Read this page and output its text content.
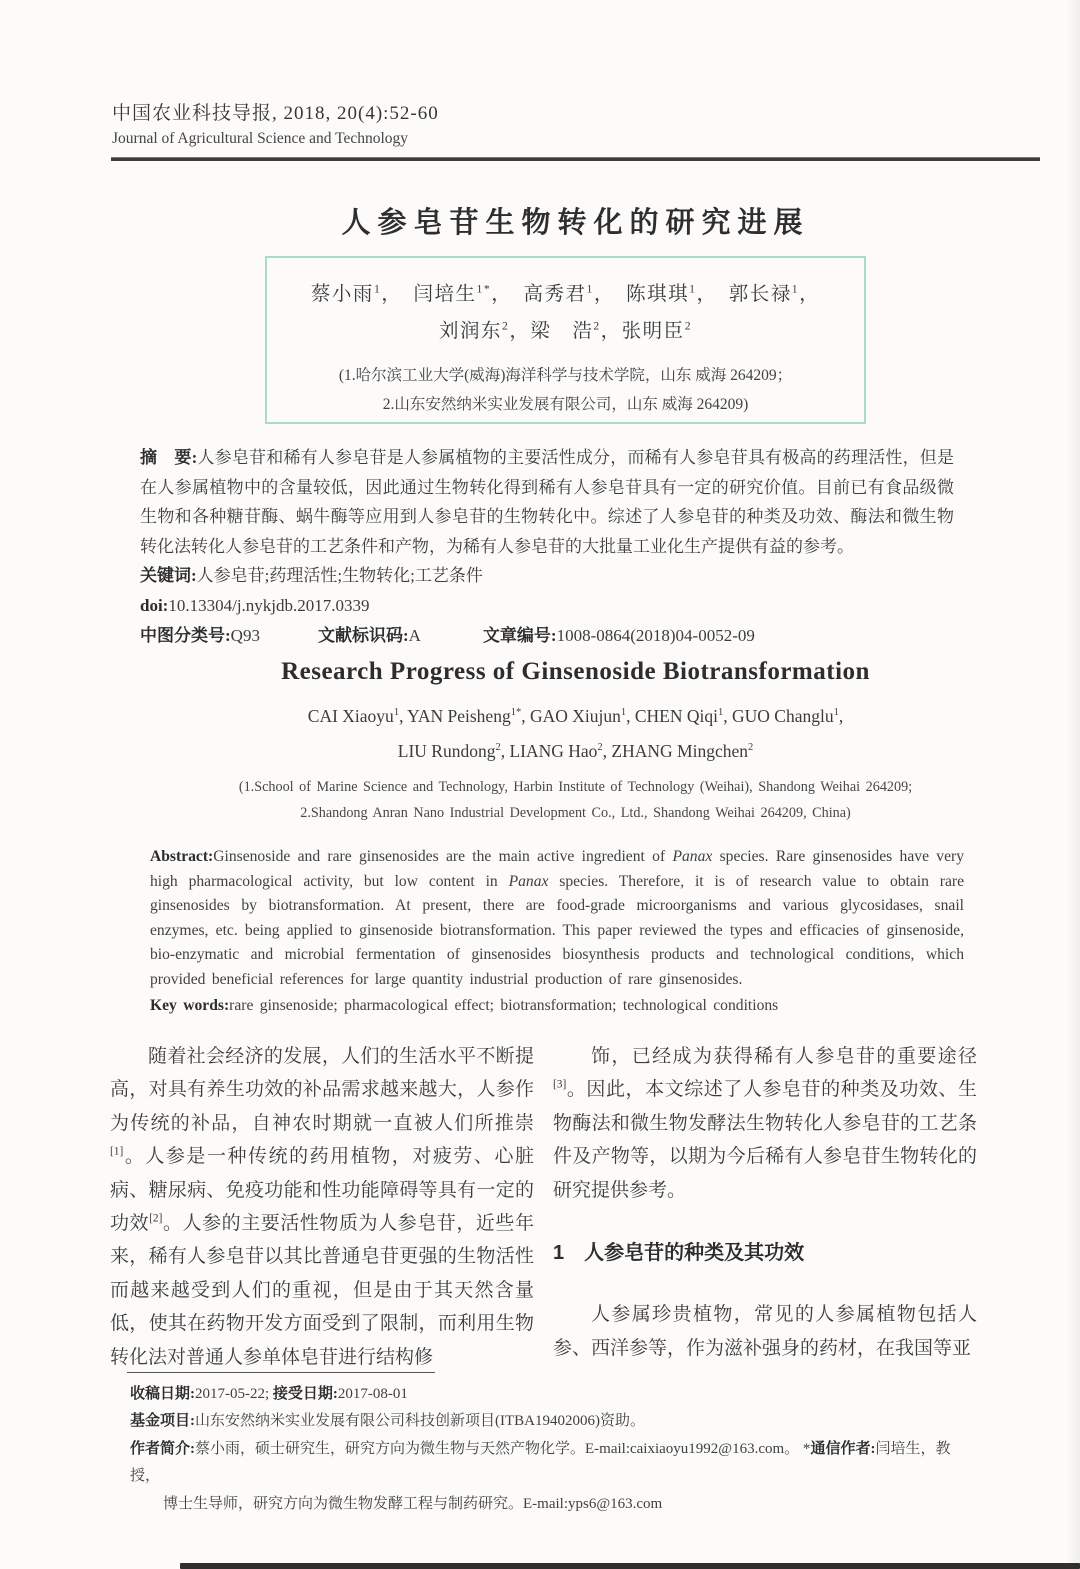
中国农业科技导报, 2018, 20(4):52-60
Journal of Agricultural Science and Technology
人参皂苷生物转化的研究进展
蔡小雨$^1$，　闫培生$^{1*}$，　高秀君$^1$，　陈琪琪$^1$，　郭长禄$^1$，
刘润东$^2$，梁　浩$^2$，张明臣$^2$
(1.哈尔滨工业大学(威海)海洋科学与技术学院，山东 威海 264209；
2.山东安然纳米实业发展有限公司，山东 威海 264209)
摘　要:人参皂苷和稀有人参皂苷是人参属植物的主要活性成分，而稀有人参皂苷具有极高的药理活性，但是在人参属植物中的含量较低，因此通过生物转化得到稀有人参皂苷具有一定的研究价值。目前已有食品级微生物和各种糖苷酶、蜗牛酶等应用到人参皂苷的生物转化中。综述了人参皂苷的种类及功效、酶法和微生物转化法转化人参皂苷的工艺条件和产物，为稀有人参皂苷的大批量工业化生产提供有益的参考。
关键词:人参皂苷;药理活性;生物转化;工艺条件
doi:10.13304/j.nykjdb.2017.0339
中图分类号:Q93	文献标识码:A	文章编号:1008-0864(2018)04-0052-09
Research Progress of Ginsenoside Biotransformation
CAI Xiaoyu$^1$, YAN Peisheng$^{1*}$, GAO Xiujun$^1$, CHEN Qiqi$^1$, GUO Changlu$^1$,
LIU Rundong$^2$, LIANG Hao$^2$, ZHANG Mingchen$^2$
(1.School of Marine Science and Technology, Harbin Institute of Technology (Weihai), Shandong Weihai 264209;
2.Shandong Anran Nano Industrial Development Co., Ltd., Shandong Weihai 264209, China)
Abstract:Ginsenoside and rare ginsenosides are the main active ingredient of Panax species. Rare ginsenosides have very high pharmacological activity, but low content in Panax species. Therefore, it is of research value to obtain rare ginsenosides by biotransformation. At present, there are food-grade microorganisms and various glycosidases, snail enzymes, etc. being applied to ginsenoside biotransformation. This paper reviewed the types and efficacies of ginsenoside, bio-enzymatic and microbial fermentation of ginsenosides biosynthesis products and technological conditions, which provided beneficial references for large quantity industrial production of rare ginsenosides.
Key words:rare ginsenoside; pharmacological effect; biotransformation; technological conditions

随着社会经济的发展，人们的生活水平不断提高，对具有养生功效的补品需求越来越大，人参作为传统的补品，自神农时期就一直被人们所推崇[1]。人参是一种传统的药用植物，对疲劳、心脏病、糖尿病、免疫功能和性功能障碍等具有一定的功效[2]。人参的主要活性物质为人参皂苷，近些年来，稀有人参皂苷以其比普通皂苷更强的生物活性而越来越受到人们的重视，但是由于其天然含量低，使其在药物开发方面受到了限制，而利用生物转化法对普通人参单体皂苷进行结构修

饰，已经成为获得稀有人参皂苷的重要途径[3]。因此，本文综述了人参皂苷的种类及功效、生物酶法和微生物发酵法生物转化人参皂苷的工艺条件及产物等，以期为今后稀有人参皂苷生物转化的研究提供参考。

1　人参皂苷的种类及其功效

人参属珍贵植物，常见的人参属植物包括人参、西洋参等，作为滋补强身的药材，在我国等亚

收稿日期:2017-05-22; 接受日期:2017-08-01
基金项目:山东安然纳米实业发展有限公司科技创新项目(ITBA19402006)资助。
作者简介:蔡小雨，硕士研究生，研究方向为微生物与天然产物化学。E-mail:caixiaoyu1992@163.com。 *通信作者:闫培生，教授，
博士生导师，研究方向为微生物发酵工程与制药研究。E-mail:yps6@163.com
